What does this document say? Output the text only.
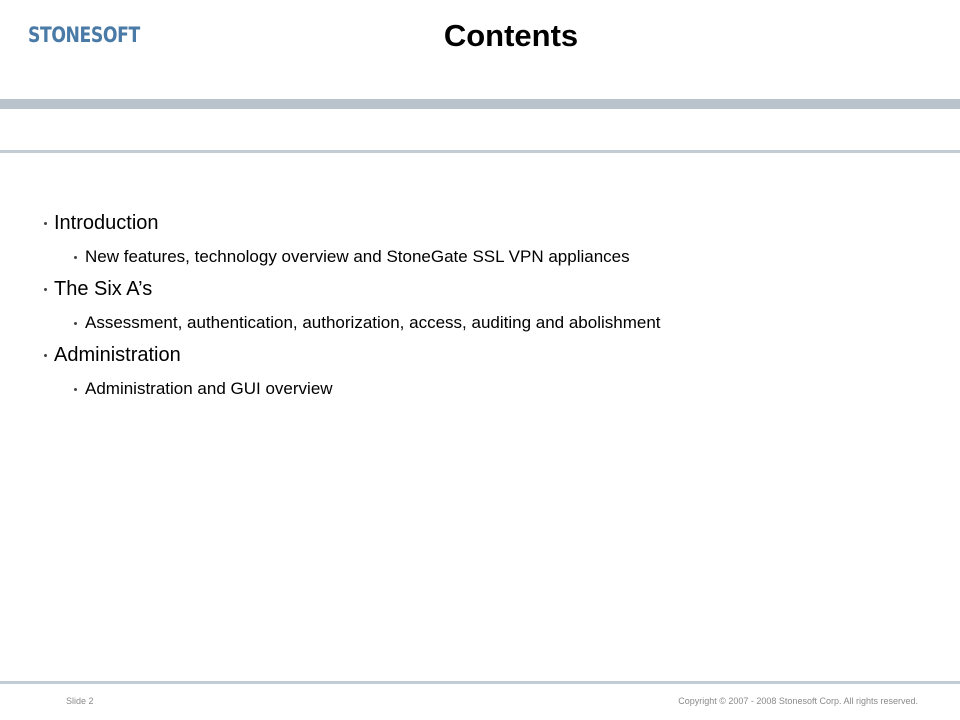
STONESOFT	Contents
Introduction
New features, technology overview and StoneGate SSL VPN appliances
The Six A’s
Assessment, authentication, authorization, access, auditing and abolishment
Administration
Administration and GUI overview
Slide 2	Copyright © 2007 - 2008 Stonesoft Corp. All rights reserved.
